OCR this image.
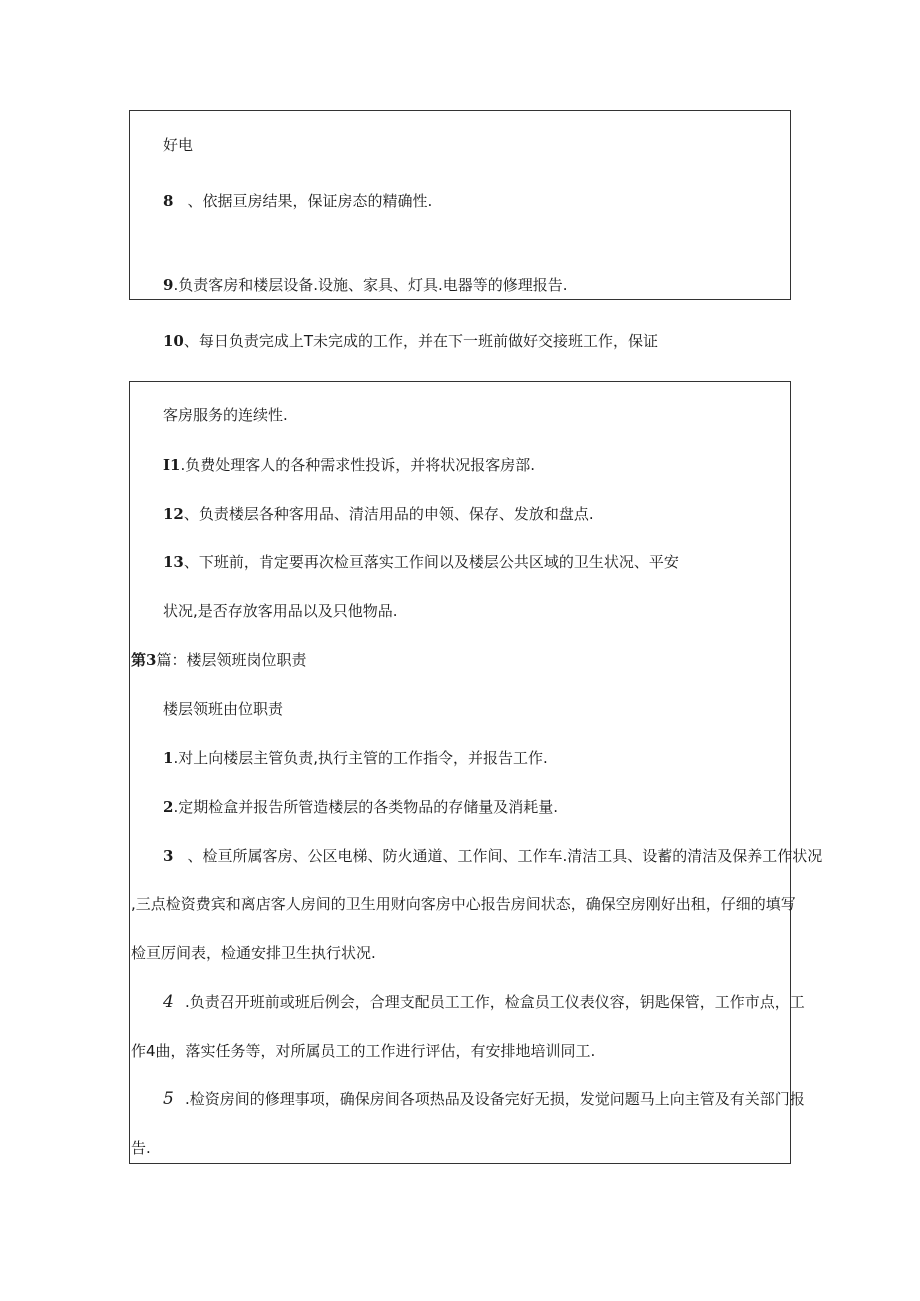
好电
8 、依据亘房结果，保证房态的精确性.
9.负责客房和楼层设备.设施、家具、灯具.电器等的修理报告.
10、每日负责完成上T未完成的工作，并在下一班前做好交接班工作，保证
客房服务的连续性.
I1.负费处理客人的各种需求性投诉，并将状况报客房部.
12、负责楼层各种客用品、清洁用品的申领、保存、发放和盘点.
13、下班前，肯定要再次检亘落实工作间以及楼层公共区域的卫生状况、平安
状况,是否存放客用品以及只他物品.
第3篇：楼层领班岗位职责
楼层领班由位职责
1.对上向楼层主管负责,执行主管的工作指令，并报告工作.
2.定期检盒并报告所管造楼层的各类物品的存储量及消耗量.
3 、检亘所属客房、公区电梯、防火通道、工作间、工作车.清洁工具、设蓄的清洁及保养工作状况
,三点检资费宾和离店客人房间的卫生用财向客房中心报告房间状态，确保空房刚好出租，仔细的填写
检亘厉间表，检通安排卫生执行状况.
4 .负责召开班前或班后例会，合理支配员工工作，检盒员工仪表仪容，钥匙保管，工作市点，工
作4曲，落实任务等，对所属员工的工作进行评估，有安排地培训同工.
5 .检资房间的修理事项，确保房间各项热品及设备完好无损，发觉问题马上向主管及有关部门报
告.
